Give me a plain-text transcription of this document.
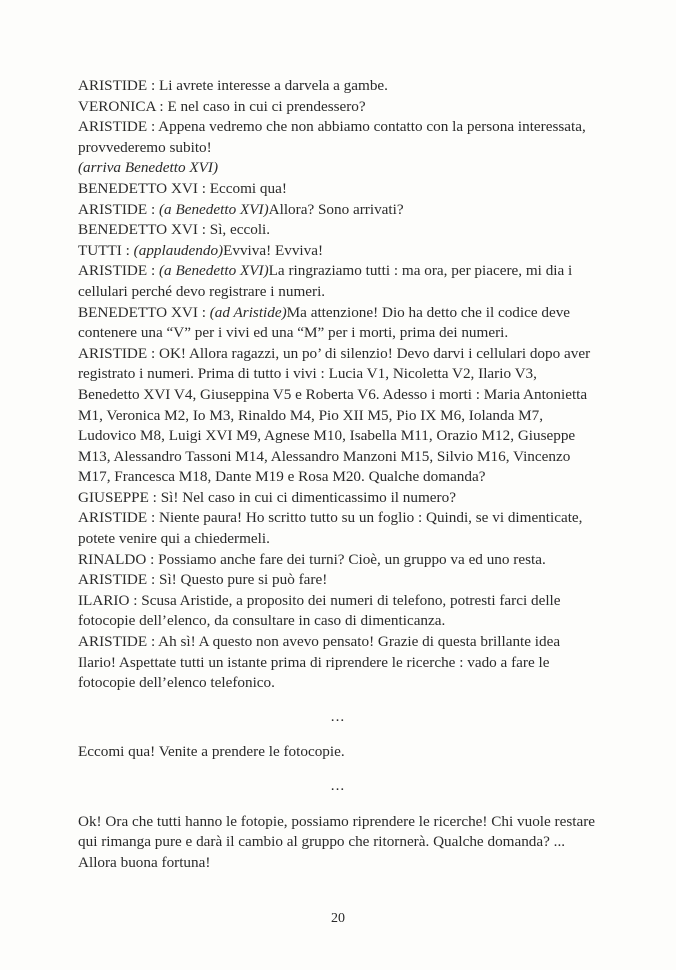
ARISTIDE : Li avrete interesse a darvela a gambe.

VERONICA : E nel caso in cui ci prendessero?

ARISTIDE : Appena vedremo che non abbiamo contatto con la persona interessata, provvederemo subito!

(arriva Benedetto XVI)

BENEDETTO XVI : Eccomi qua!

ARISTIDE : (a Benedetto XVI)Allora? Sono arrivati?

BENEDETTO XVI : Sì, eccoli.

TUTTI : (applaudendo)Evviva! Evviva!

ARISTIDE : (a Benedetto XVI)La ringraziamo tutti : ma ora, per piacere, mi dia i cellulari perché devo registrare i numeri.

BENEDETTO XVI : (ad Aristide)Ma attenzione! Dio ha detto che il codice deve contenere una “V” per i vivi ed una “M” per i morti, prima dei numeri.

ARISTIDE : OK! Allora ragazzi, un po’ di silenzio! Devo darvi i cellulari dopo aver registrato i numeri. Prima di tutto i vivi : Lucia V1, Nicoletta V2, Ilario V3, Benedetto XVI V4, Giuseppina V5 e Roberta V6. Adesso i morti : Maria Antonietta M1, Veronica M2, Io M3, Rinaldo M4, Pio XII M5, Pio IX M6, Iolanda M7, Ludovico M8, Luigi XVI M9, Agnese M10, Isabella M11, Orazio M12, Giuseppe M13, Alessandro Tassoni M14, Alessandro Manzoni M15, Silvio M16, Vincenzo M17, Francesca M18, Dante M19 e Rosa M20. Qualche domanda?

GIUSEPPE : Sì! Nel caso in cui ci dimenticassimo il numero?

ARISTIDE : Niente paura! Ho scritto tutto su un foglio : Quindi, se vi dimenticate, potete venire qui a chiedermeli.

RINALDO : Possiamo anche fare dei turni? Cioè, un gruppo va ed uno resta.

ARISTIDE : Sì! Questo pure si può fare!

ILARIO : Scusa Aristide, a proposito dei numeri di telefono, potresti farci delle fotocopie dell’elenco, da consultare in caso di dimenticanza.

ARISTIDE : Ah sì! A questo non avevo pensato! Grazie di questa brillante idea Ilario! Aspettate tutti un istante prima di riprendere le ricerche : vado a fare le fotocopie dell’elenco telefonico.

...

Eccomi qua! Venite a prendere le fotocopie.

...

Ok! Ora che tutti hanno le fotopie, possiamo riprendere le ricerche! Chi vuole restare qui rimanga pure e darà il cambio al gruppo che ritornerà. Qualche domanda? ... Allora buona fortuna!

20
